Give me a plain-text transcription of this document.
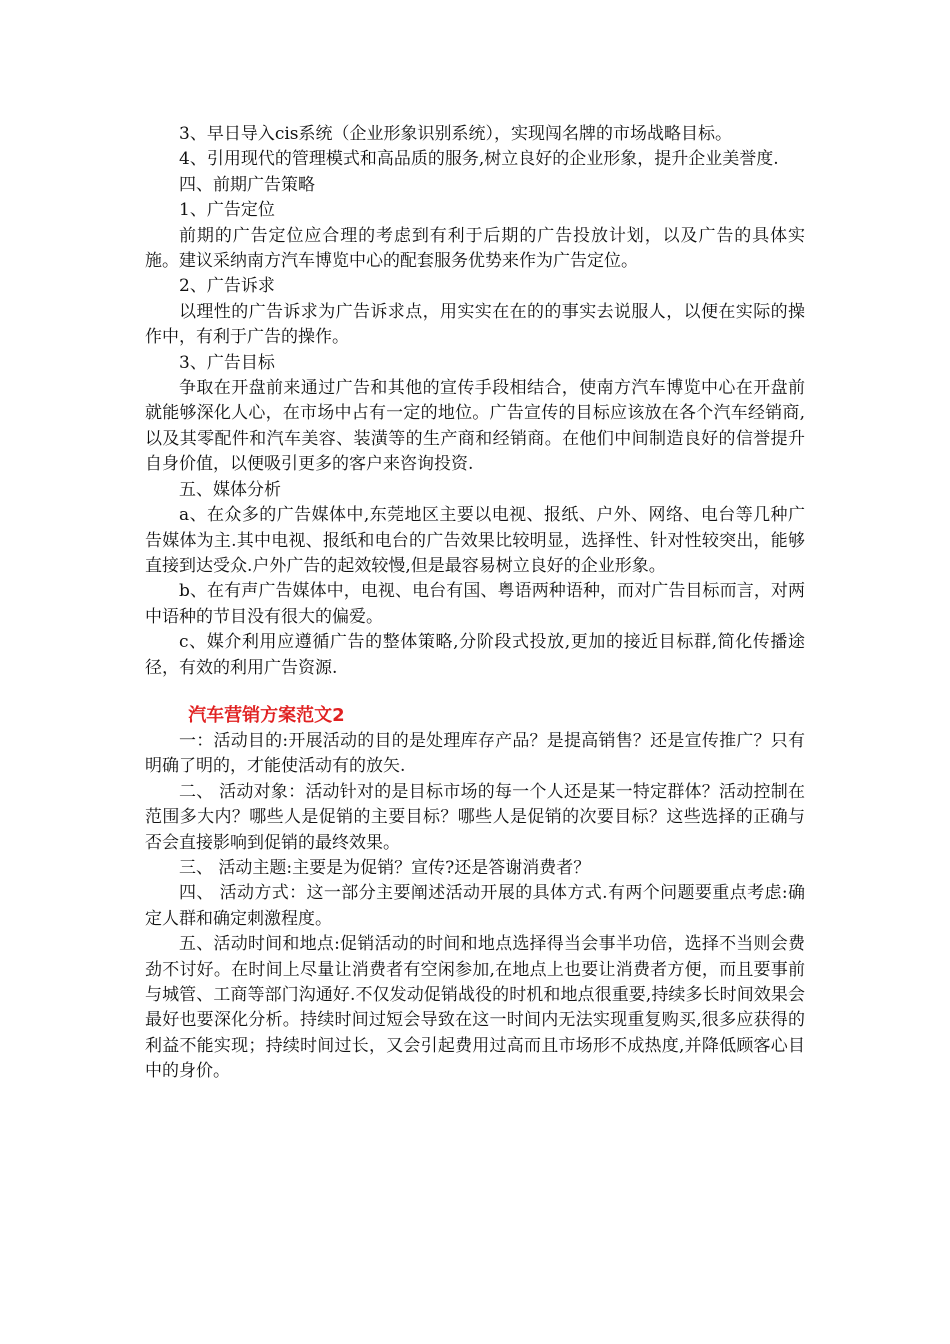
3、早日导入cis系统（企业形象识别系统），实现闯名牌的市场战略目标。

4、引用现代的管理模式和高品质的服务,树立良好的企业形象，提升企业美誉度.

四、前期广告策略

1、广告定位

前期的广告定位应合理的考虑到有利于后期的广告投放计划，以及广告的具体实施。建议采纳南方汽车博览中心的配套服务优势来作为广告定位。

2、广告诉求

以理性的广告诉求为广告诉求点，用实实在在的的事实去说服人，以便在实际的操作中，有利于广告的操作。

3、广告目标

争取在开盘前来通过广告和其他的宣传手段相结合，使南方汽车博览中心在开盘前就能够深化人心，在市场中占有一定的地位。广告宣传的目标应该放在各个汽车经销商,以及其零配件和汽车美容、装潢等的生产商和经销商。在他们中间制造良好的信誉提升自身价值，以便吸引更多的客户来咨询投资.

五、媒体分析

a、在众多的广告媒体中,东莞地区主要以电视、报纸、户外、网络、电台等几种广告媒体为主.其中电视、报纸和电台的广告效果比较明显，选择性、针对性较突出，能够直接到达受众.户外广告的起效较慢,但是最容易树立良好的企业形象。

b、在有声广告媒体中，电视、电台有国、粤语两种语种，而对广告目标而言，对两中语种的节目没有很大的偏爱。

c、媒介利用应遵循广告的整体策略,分阶段式投放,更加的接近目标群,简化传播途径，有效的利用广告资源.

汽车营销方案范文2

一：活动目的:开展活动的目的是处理库存产品？是提高销售？还是宣传推广？只有明确了明的，才能使活动有的放矢.

二、 活动对象：活动针对的是目标市场的每一个人还是某一特定群体？活动控制在范围多大内？哪些人是促销的主要目标？哪些人是促销的次要目标？这些选择的正确与否会直接影响到促销的最终效果。

三、 活动主题:主要是为促销？宣传?还是答谢消费者？

四、 活动方式：这一部分主要阐述活动开展的具体方式.有两个问题要重点考虑:确定人群和确定刺激程度。

五、活动时间和地点:促销活动的时间和地点选择得当会事半功倍，选择不当则会费劲不讨好。在时间上尽量让消费者有空闲参加,在地点上也要让消费者方便，而且要事前与城管、工商等部门沟通好.不仅发动促销战役的时机和地点很重要,持续多长时间效果会最好也要深化分析。持续时间过短会导致在这一时间内无法实现重复购买,很多应获得的利益不能实现；持续时间过长，又会引起费用过高而且市场形不成热度,并降低顾客心目中的身价。
